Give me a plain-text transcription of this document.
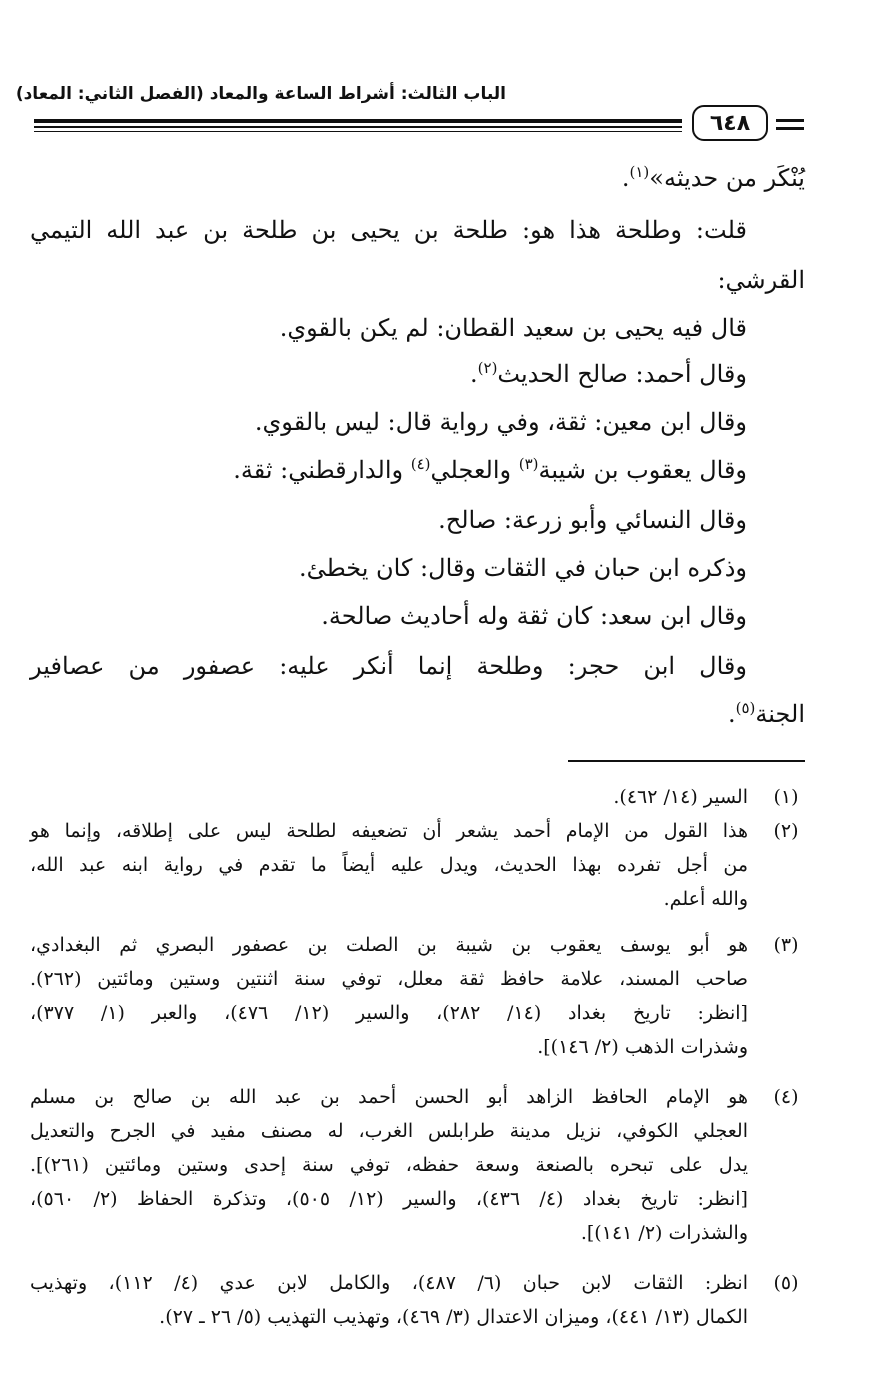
الباب الثالث: أشراط الساعة والمعاد (الفصل الثاني: المعاد)
٦٤٨
يُنْكَر من حديثه»$^{(١)}$.
قلت: وطلحة هذا هو: طلحة بن يحيى بن طلحة بن عبد الله التيمي
القرشي:
قال فيه يحيى بن سعيد القطان: لم يكن بالقوي.
وقال أحمد: صالح الحديث$^{(٢)}$.
وقال ابن معين: ثقة، وفي رواية قال: ليس بالقوي.
وقال يعقوب بن شيبة$^{(٣)}$ والعجلي$^{(٤)}$ والدارقطني: ثقة.
وقال النسائي وأبو زرعة: صالح.
وذكره ابن حبان في الثقات وقال: كان يخطئ.
وقال ابن سعد: كان ثقة وله أحاديث صالحة.
وقال ابن حجر: وطلحة إنما أنكر عليه: عصفور من عصافير
الجنة$^{(٥)}$.
(١)
السير (١٤/ ٤٦٢).
(٢)
هذا القول من الإمام أحمد يشعر أن تضعيفه لطلحة ليس على إطلاقه، وإنما هو
من أجل تفرده بهذا الحديث، ويدل عليه أيضاً ما تقدم في رواية ابنه عبد الله،
والله أعلم.
(٣)
هو أبو يوسف يعقوب بن شيبة بن الصلت بن عصفور البصري ثم البغدادي،
صاحب المسند، علامة حافظ ثقة معلل، توفي سنة اثنتين وستين ومائتين (٢٦٢).
[انظر: تاريخ بغداد (١٤/ ٢٨٢)، والسير (١٢/ ٤٧٦)، والعبر (١/ ٣٧٧)،
وشذرات الذهب (٢/ ١٤٦)].
(٤)
هو الإمام الحافظ الزاهد أبو الحسن أحمد بن عبد الله بن صالح بن مسلم
العجلي الكوفي، نزيل مدينة طرابلس الغرب، له مصنف مفيد في الجرح والتعديل
يدل على تبحره بالصنعة وسعة حفظه، توفي سنة إحدى وستين ومائتين (٢٦١)].
[انظر: تاريخ بغداد (٤/ ٤٣٦)، والسير (١٢/ ٥٠٥)، وتذكرة الحفاظ (٢/ ٥٦٠)،
والشذرات (٢/ ١٤١)].
(٥)
انظر: الثقات لابن حبان (٦/ ٤٨٧)، والكامل لابن عدي (٤/ ١١٢)، وتهذيب
الكمال (١٣/ ٤٤١)، وميزان الاعتدال (٣/ ٤٦٩)، وتهذيب التهذيب (٥/ ٢٦ ـ ٢٧).
